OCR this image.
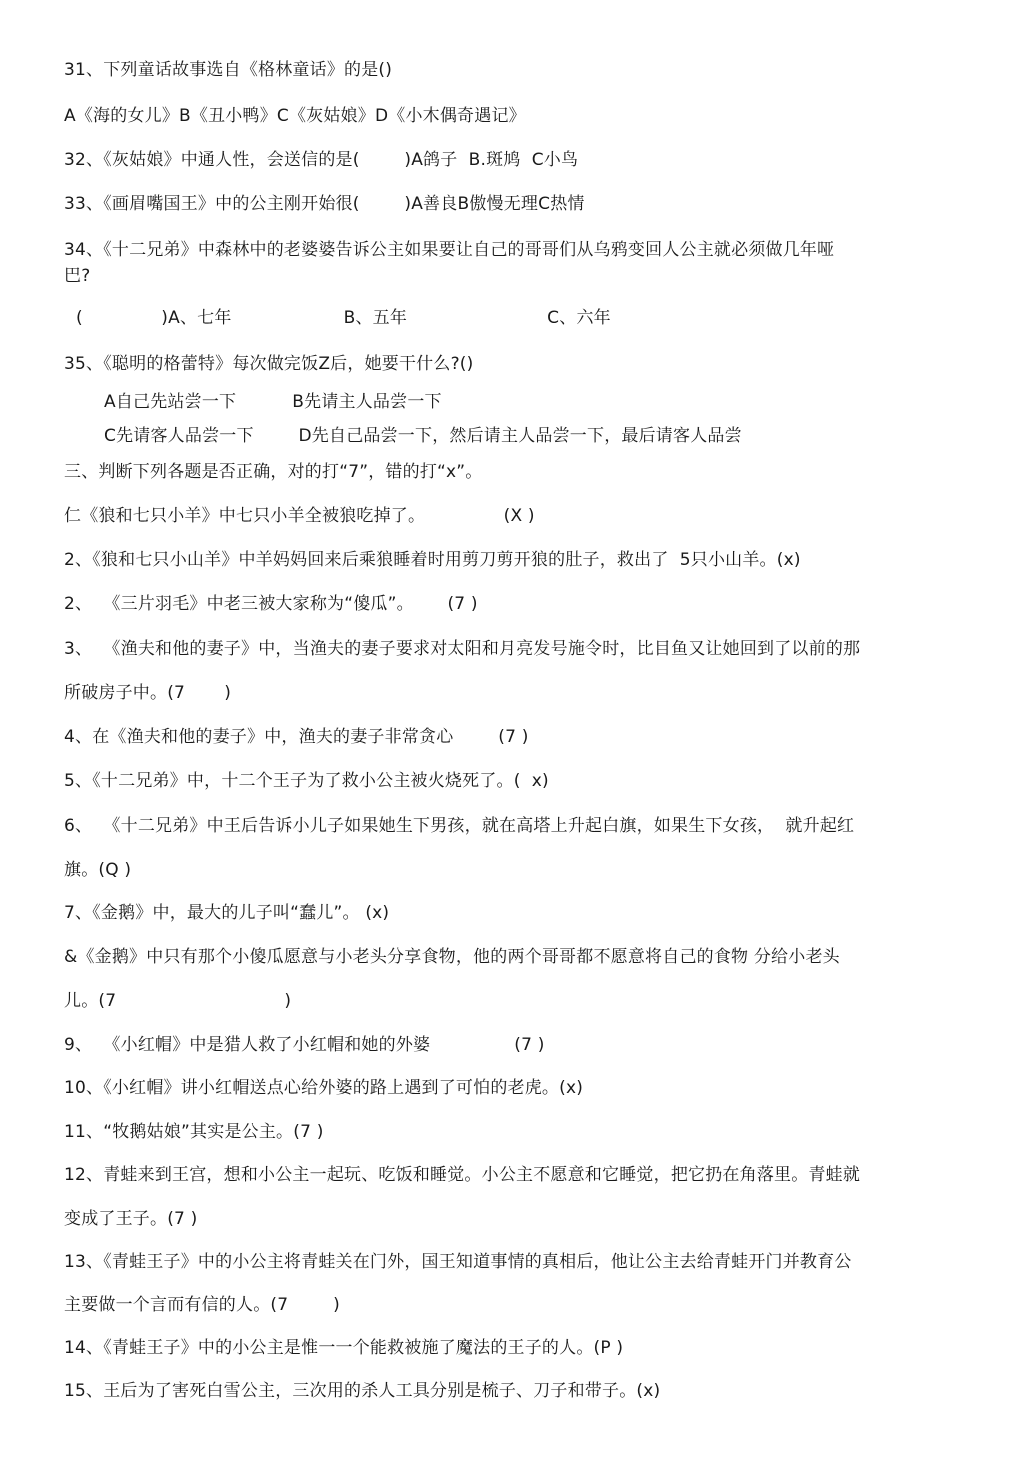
31、下列童话故事选自《格林童话》的是()
A《海的女儿》B《丑小鸭》C《灰姑娘》D《小木偶奇遇记》
32、《灰姑娘》中通人性，会送信的是(        )A鸽子  B.斑鸠  C小鸟
33、《画眉嘴国王》中的公主刚开始很(        )A善良B傲慢无理C热情
34、《十二兄弟》中森林中的老婆婆告诉公主如果要让自己的哥哥们从乌鸦变回人公主就必须做几年哑
巴?
(              )A、七年                    B、五年                         C、六年
35、《聪明的格蕾特》每次做完饭Z后，她要干什么?()
A自己先站尝一下          B先请主人品尝一下
C先请客人品尝一下        D先自己品尝一下，然后请主人品尝一下，最后请客人品尝
三、判断下列各题是否正确，对的打“7”，错的打“x”。
仁《狼和七只小羊》中七只小羊全被狼吃掉了。              (X )
2、《狼和七只小山羊》中羊妈妈回来后乘狼睡着时用剪刀剪开狼的肚子，救出了  5只小山羊。(x)
2、  《三片羽毛》中老三被大家称为“傻瓜”。      (7 )
3、  《渔夫和他的妻子》中，当渔夫的妻子要求对太阳和月亮发号施令时，比目鱼又让她回到了以前的那
所破房子中。(7       )
4、在《渔夫和他的妻子》中，渔夫的妻子非常贪心        (7 )
5、《十二兄弟》中，十二个王子为了救小公主被火烧死了。(  x)
6、  《十二兄弟》中王后告诉小儿子如果她生下男孩，就在高塔上升起白旗，如果生下女孩，  就升起红
旗。(Q )
7、《金鹅》中，最大的儿子叫“蠢儿”。 (x)
&《金鹅》中只有那个小傻瓜愿意与小老头分享食物，他的两个哥哥都不愿意将自己的食物 分给小老头
儿。(7                              )
9、  《小红帽》中是猎人救了小红帽和她的外婆               (7 )
10、《小红帽》讲小红帽送点心给外婆的路上遇到了可怕的老虎。(x)
11、“牧鹅姑娘”其实是公主。(7 )
12、青蛙来到王宫，想和小公主一起玩、吃饭和睡觉。小公主不愿意和它睡觉，把它扔在角落里。青蛙就
变成了王子。(7 )
13、《青蛙王子》中的小公主将青蛙关在门外，国王知道事情的真相后，他让公主去给青蛙开门并教育公
主要做一个言而有信的人。(7        )
14、《青蛙王子》中的小公主是惟一一个能救被施了魔法的王子的人。(P )
15、王后为了害死白雪公主，三次用的杀人工具分别是梳子、刀子和带子。(x)
